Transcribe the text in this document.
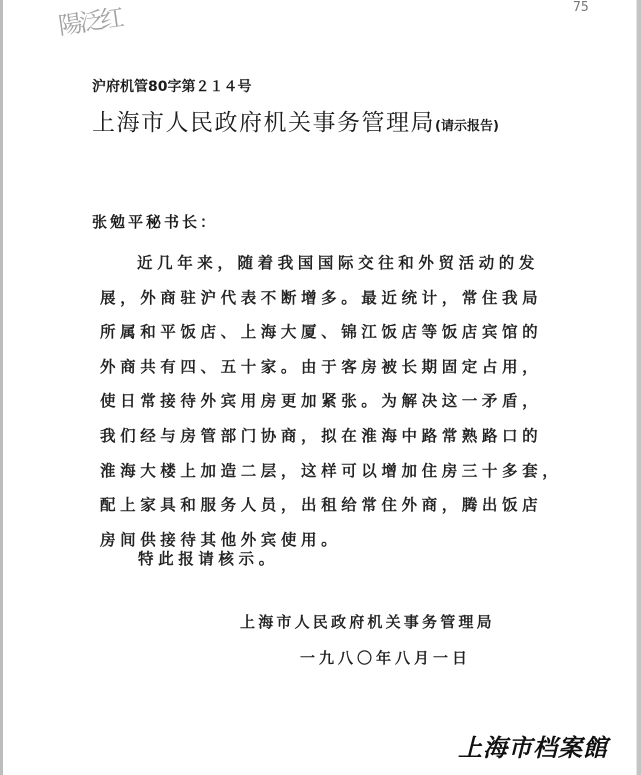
陽泛红	75
沪府机管80字第２１４号
上海市人民政府机关事务管理局(请示报告)
张勉平秘书长：
近几年来，随着我国国际交往和外贸活动的发
展，外商驻沪代表不断增多。最近统计，常住我局
所属和平饭店、上海大厦、锦江饭店等饭店宾馆的
外商共有四、五十家。由于客房被长期固定占用，
使日常接待外宾用房更加紧张。为解决这一矛盾，
我们经与房管部门协商，拟在淮海中路常熟路口的
淮海大楼上加造二层，这样可以增加住房三十多套，
配上家具和服务人员，出租给常住外商，腾出饭店
房间供接待其他外宾使用。
特此报请核示。
上海市人民政府机关事务管理局
一九八〇年八月一日
上海市档案館
